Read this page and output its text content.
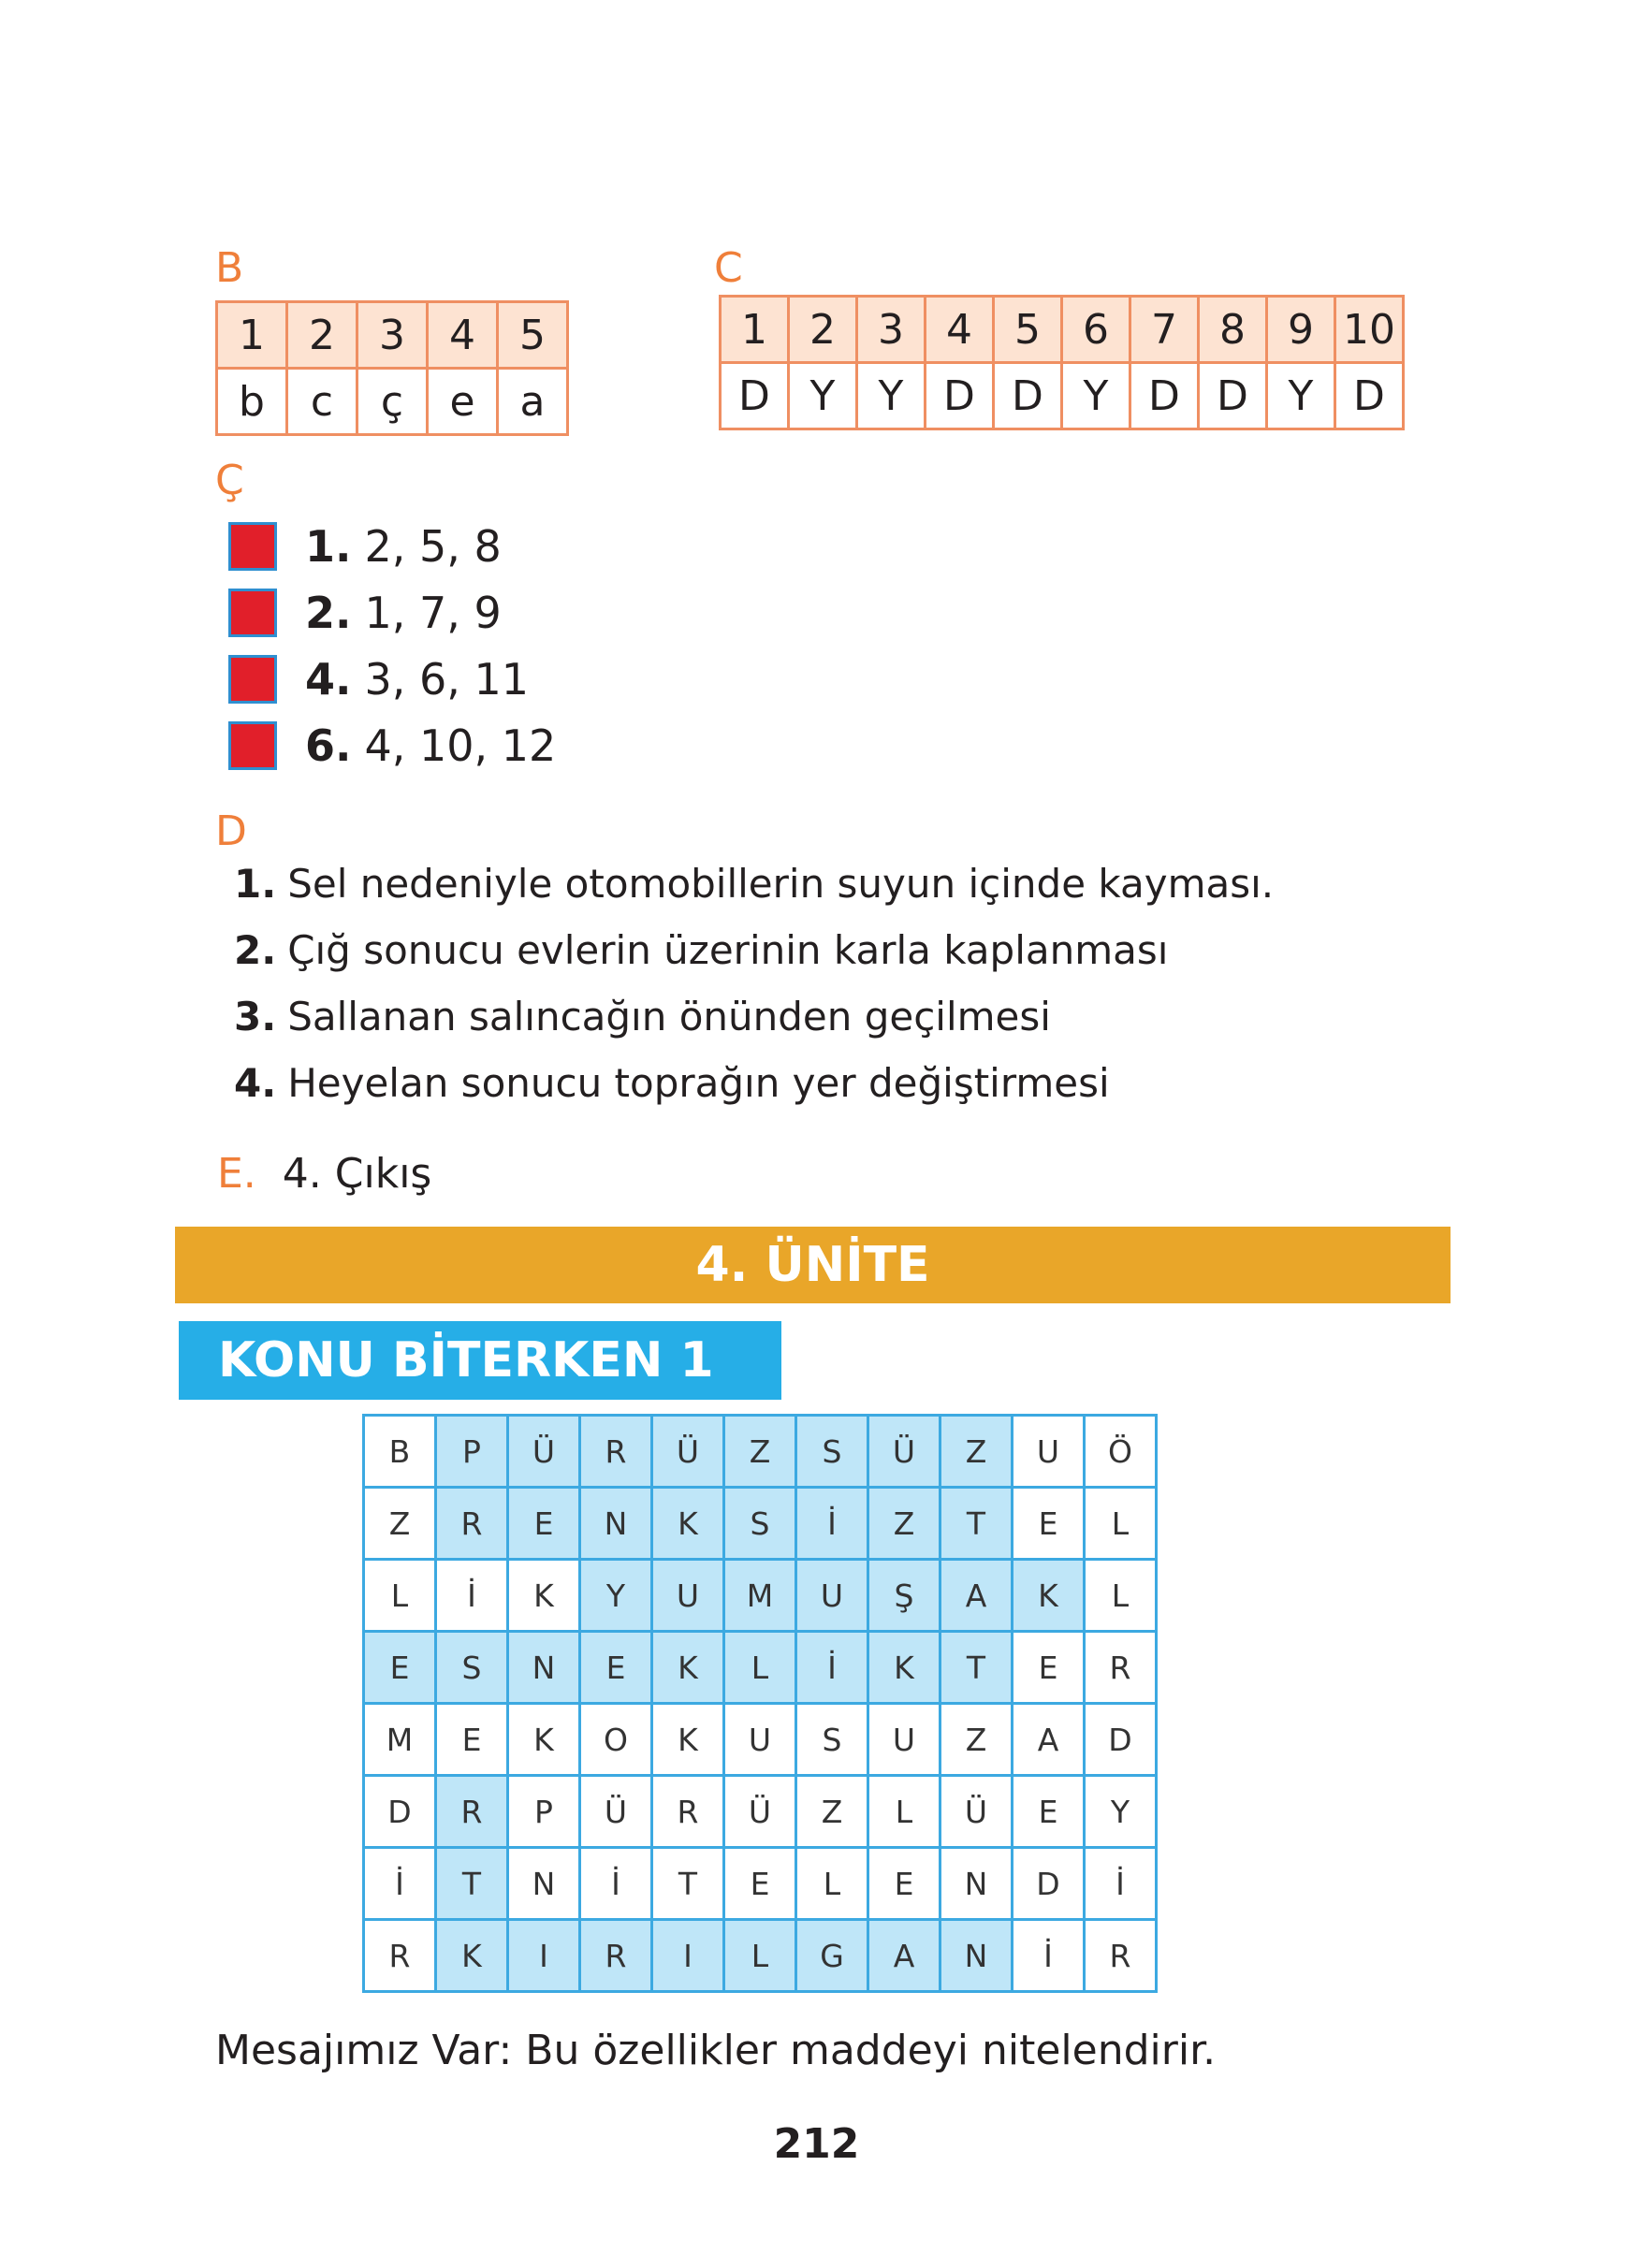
B
1	2	3	4	5
b	c	ç	e	a
C
1	2	3	4	5	6	7	8	9	10
D	Y	Y	D	D	Y	D	D	Y	D
Ç
1. 2, 5, 8
2. 1, 7, 9
4. 3, 6, 11
6. 4, 10, 12
D
1. Sel nedeniyle otomobillerin suyun içinde kayması.
2. Çığ sonucu evlerin üzerinin karla kaplanması
3. Sallanan salıncağın önünden geçilmesi
4. Heyelan sonucu toprağın yer değiştirmesi
E. 4. Çıkış
4. ÜNİTE
KONU BİTERKEN 1
B	P	Ü	R	Ü	Z	S	Ü	Z	U	Ö
Z	R	E	N	K	S	İ	Z	T	E	L
L	İ	K	Y	U	M	U	Ş	A	K	L
E	S	N	E	K	L	İ	K	T	E	R
M	E	K	O	K	U	S	U	Z	A	D
D	R	P	Ü	R	Ü	Z	L	Ü	E	Y
İ	T	N	İ	T	E	L	E	N	D	İ
R	K	I	R	I	L	G	A	N	İ	R
Mesajımız Var: Bu özellikler maddeyi nitelendirir.
212
